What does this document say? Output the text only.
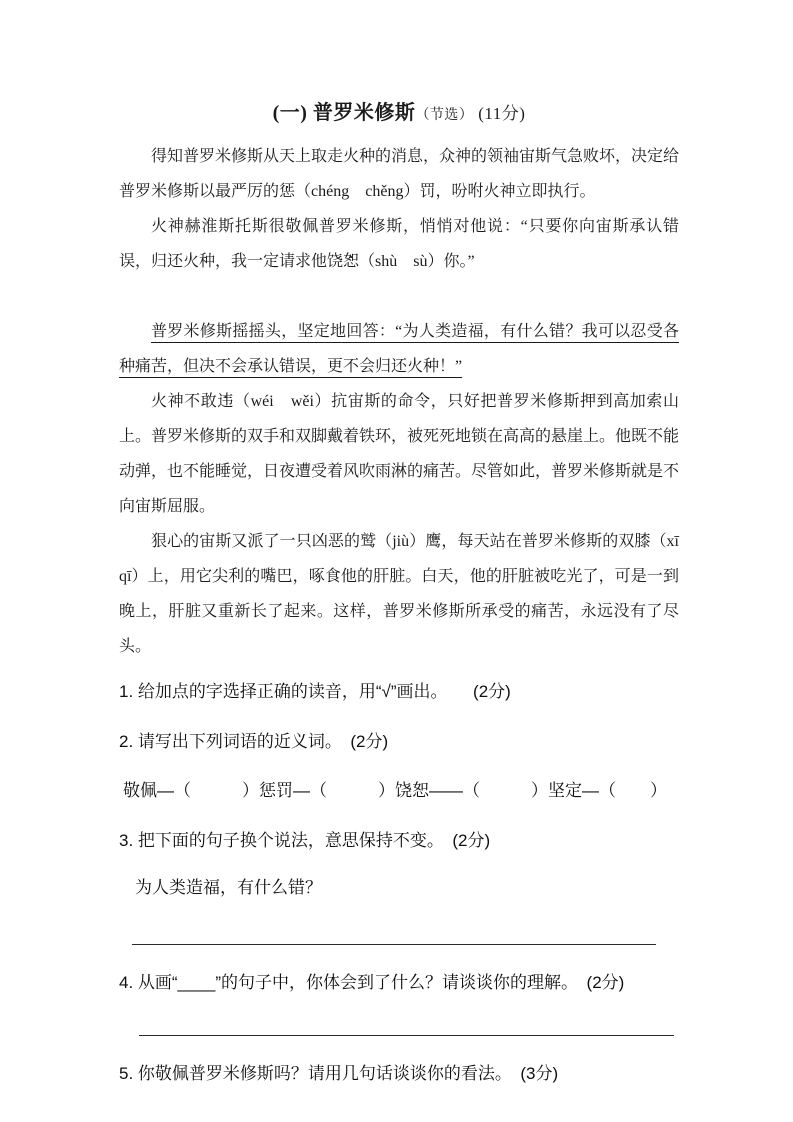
(一) 普罗米修斯（节选） (11分)

得知普罗米修斯从天上取走火种的消息，众神的领袖宙斯气急败坏，决定给普罗米修斯以最严厉的惩 •（chéng　chěng）罚，吩咐火神立即执行。

火神赫淮斯托斯很敬佩普罗米修斯，悄悄对他说：“只要你向宙斯承认错误，归还火种，我一定请求他饶恕 •（shù　sù）你。”

普罗米修斯摇摇头，坚定地回答：“为人类造福，有什么错？我可以忍受各种痛苦，但决不会承认错误，更不会归还火种！”

火神不敢违 •（wéi　wěi）抗宙斯的命令，只好把普罗米修斯押到高加索山上。普罗米修斯的双手和双脚戴着铁环，被死死地锁在高高的悬崖上。他既不能动弹，也不能睡觉，日夜遭受着风吹雨淋的痛苦。尽管如此，普罗米修斯就是不向宙斯屈服。

狠心的宙斯又派了一只凶恶的鹫（jiù）鹰，每天站在普罗米修斯的双膝 •（xī qī）上，用它尖利的嘴巴，啄食他的肝脏。白天，他的肝脏被吃光了，可是一到晚上，肝脏又重新长了起来。这样，普罗米修斯所承受的痛苦，永远没有了尽头。

1. 给加点的字选择正确的读音，用“√”画出。　　(2分)
2. 请写出下列词语的近义词。　(2分)
敬佩—（　　　）惩罚—（　　　）饶恕——（　　　）坚定—（　　）
3. 把下面的句子换个说法，意思保持不变。　(2分)
为人类造福，有什么错？
4. 从画“____”的句子中，你体会到了什么？请谈谈你的理解。　(2分)
5. 你敬佩普罗米修斯吗？请用几句话谈谈你的看法。　(3分)
